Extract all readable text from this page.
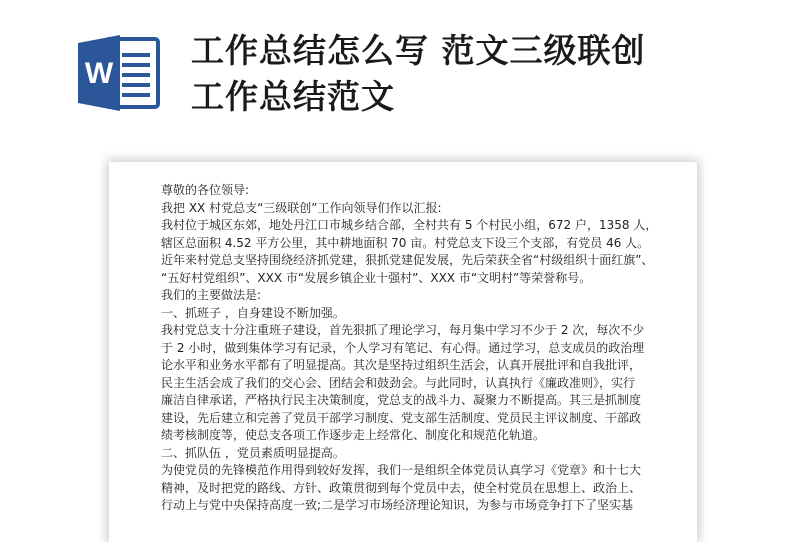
W
工作总结怎么写 范文三级联创
工作总结范文
尊敬的各位领导:
我把 XX 村党总支“三级联创”工作向领导们作以汇报:
我村位于城区东郊，地处丹江口市城乡结合部，全村共有 5 个村民小组，672 户，1358 人，
辖区总面积 4.52 平方公里，其中耕地面积 70 亩。村党总支下设三个支部，有党员 46 人。
近年来村党总支坚持围绕经济抓党建，狠抓党建促发展，先后荣获全省“村级组织十面红旗”、
“五好村党组织”、XXX 市“发展乡镇企业十强村”、XXX 市“文明村”等荣誉称号。
我们的主要做法是:
一、抓班子 ，自身建设不断加强。
我村党总支十分注重班子建设，首先狠抓了理论学习，每月集中学习不少于 2 次，每次不少
于 2 小时，做到集体学习有记录，个人学习有笔记、有心得。通过学习，总支成员的政治理
论水平和业务水平都有了明显提高。其次是坚持过组织生活会，认真开展批评和自我批评，
民主生活会成了我们的交心会、团结会和鼓劲会。与此同时，认真执行《廉政准则》，实行
廉洁自律承诺，严格执行民主决策制度，党总支的战斗力、凝聚力不断提高。其三是抓制度
建设，先后建立和完善了党员干部学习制度、党支部生活制度、党员民主评议制度、干部政
绩考核制度等，使总支各项工作逐步走上经常化、制度化和规范化轨道。
二、抓队伍 ，党员素质明显提高。
为使党员的先锋模范作用得到较好发挥，我们一是组织全体党员认真学习《党章》和十七大
精神，及时把党的路线、方针、政策贯彻到每个党员中去，使全村党员在思想上、政治上、
行动上与党中央保持高度一致;二是学习市场经济理论知识，为参与市场竞争打下了坚实基
